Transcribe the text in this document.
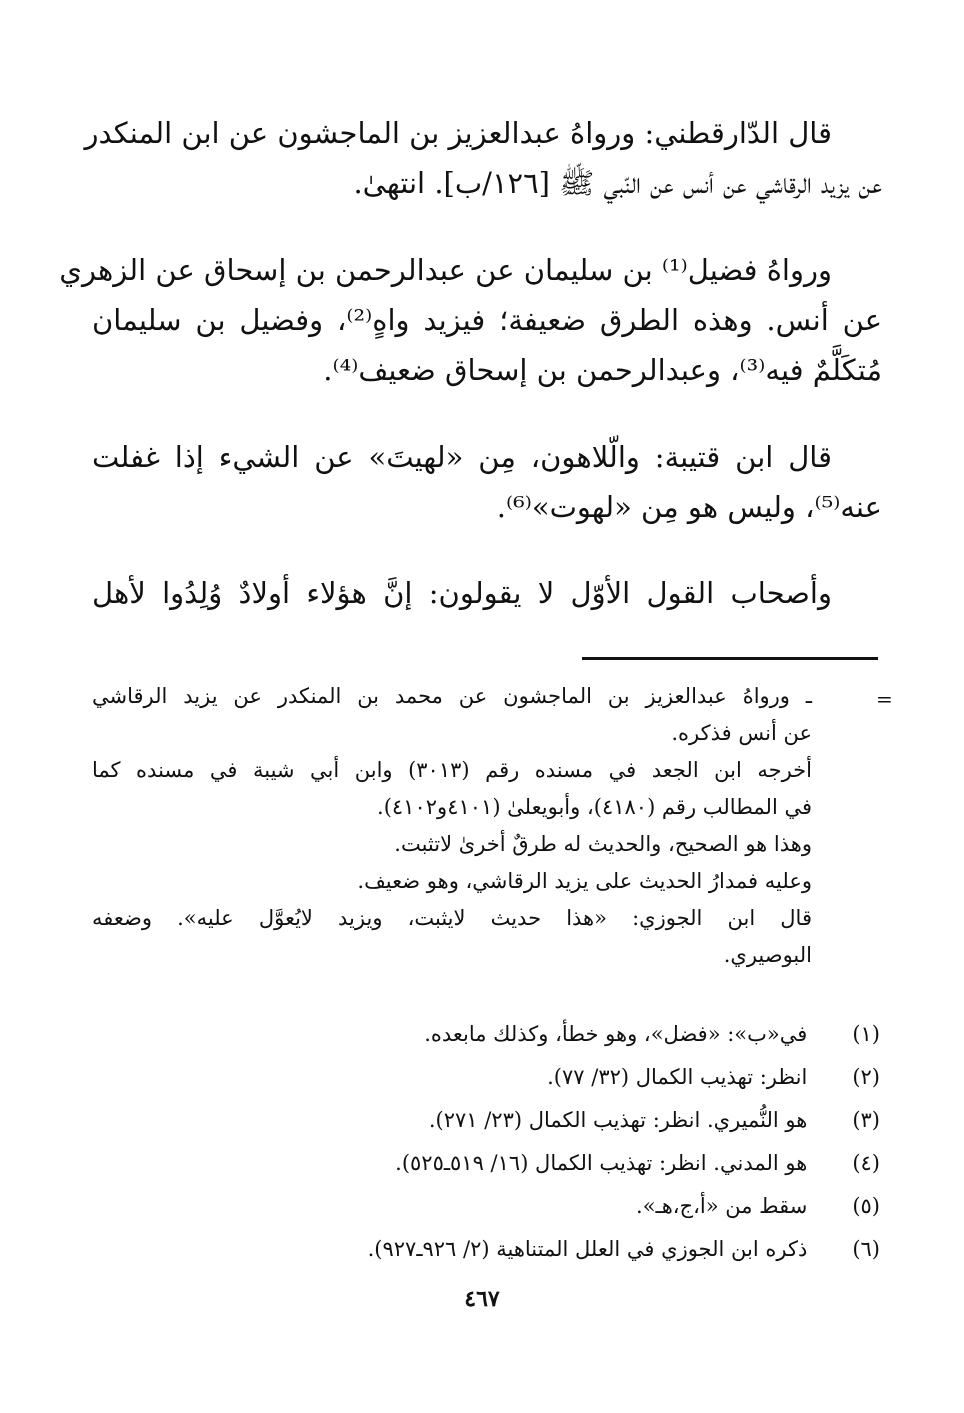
قال الدّارقطني: ورواهُ عبدالعزيز بن الماجشون عن ابن المنكدر
عن يزيد الرقاشي عن أنس عن النّبي ﷺ [١٢٦/ب]. انتهىٰ.
ورواهُ فضيل⁽¹⁾ بن سليمان عن عبدالرحمن بن إسحاق عن الزهري
عن أنس. وهذه الطرق ضعيفة؛ فيزيد واهٍ⁽²⁾، وفضيل بن سليمان
مُتكَلَّمٌ فيه⁽³⁾، وعبدالرحمن بن إسحاق ضعيف⁽⁴⁾.
قال ابن قتيبة: والّلاهون، مِن «لهيتَ» عن الشيء إذا غفلت
عنه⁽⁵⁾، وليس هو مِن «لهوت»⁽⁶⁾.
وأصحاب القول الأوّل لا يقولون: إنَّ هؤلاء أولادٌ وُلِدُوا لأهل
=
ـ ورواهُ عبدالعزيز بن الماجشون عن محمد بن المنكدر عن يزيد الرقاشي
عن أنس فذكره.
أخرجه ابن الجعد في مسنده رقم (٣٠١٣) وابن أبي شيبة في مسنده كما
في المطالب رقم (٤١٨٠)، وأبويعلىٰ (٤١٠١و٤١٠٢).
وهذا هو الصحيح، والحديث له طرقٌ أخرىٰ لاتثبت.
وعليه فمدارُ الحديث على يزيد الرقاشي، وهو ضعيف.
قال ابن الجوزي: «هذا حديث لايثبت، ويزيد لايُعوَّل عليه». وضعفه
البوصيري.
(١) في«ب»: «فضل»، وهو خطأ، وكذلك مابعده.
(٢) انظر: تهذيب الكمال (٣٢/ ٧٧).
(٣) هو النُّميري. انظر: تهذيب الكمال (٢٣/ ٢٧١).
(٤) هو المدني. انظر: تهذيب الكمال (١٦/ ٥١٩ـ٥٢٥).
(٥) سقط من «أ،ج،هـ».
(٦) ذكره ابن الجوزي في العلل المتناهية (٢/ ٩٢٦ـ٩٢٧).
٤٦٧
